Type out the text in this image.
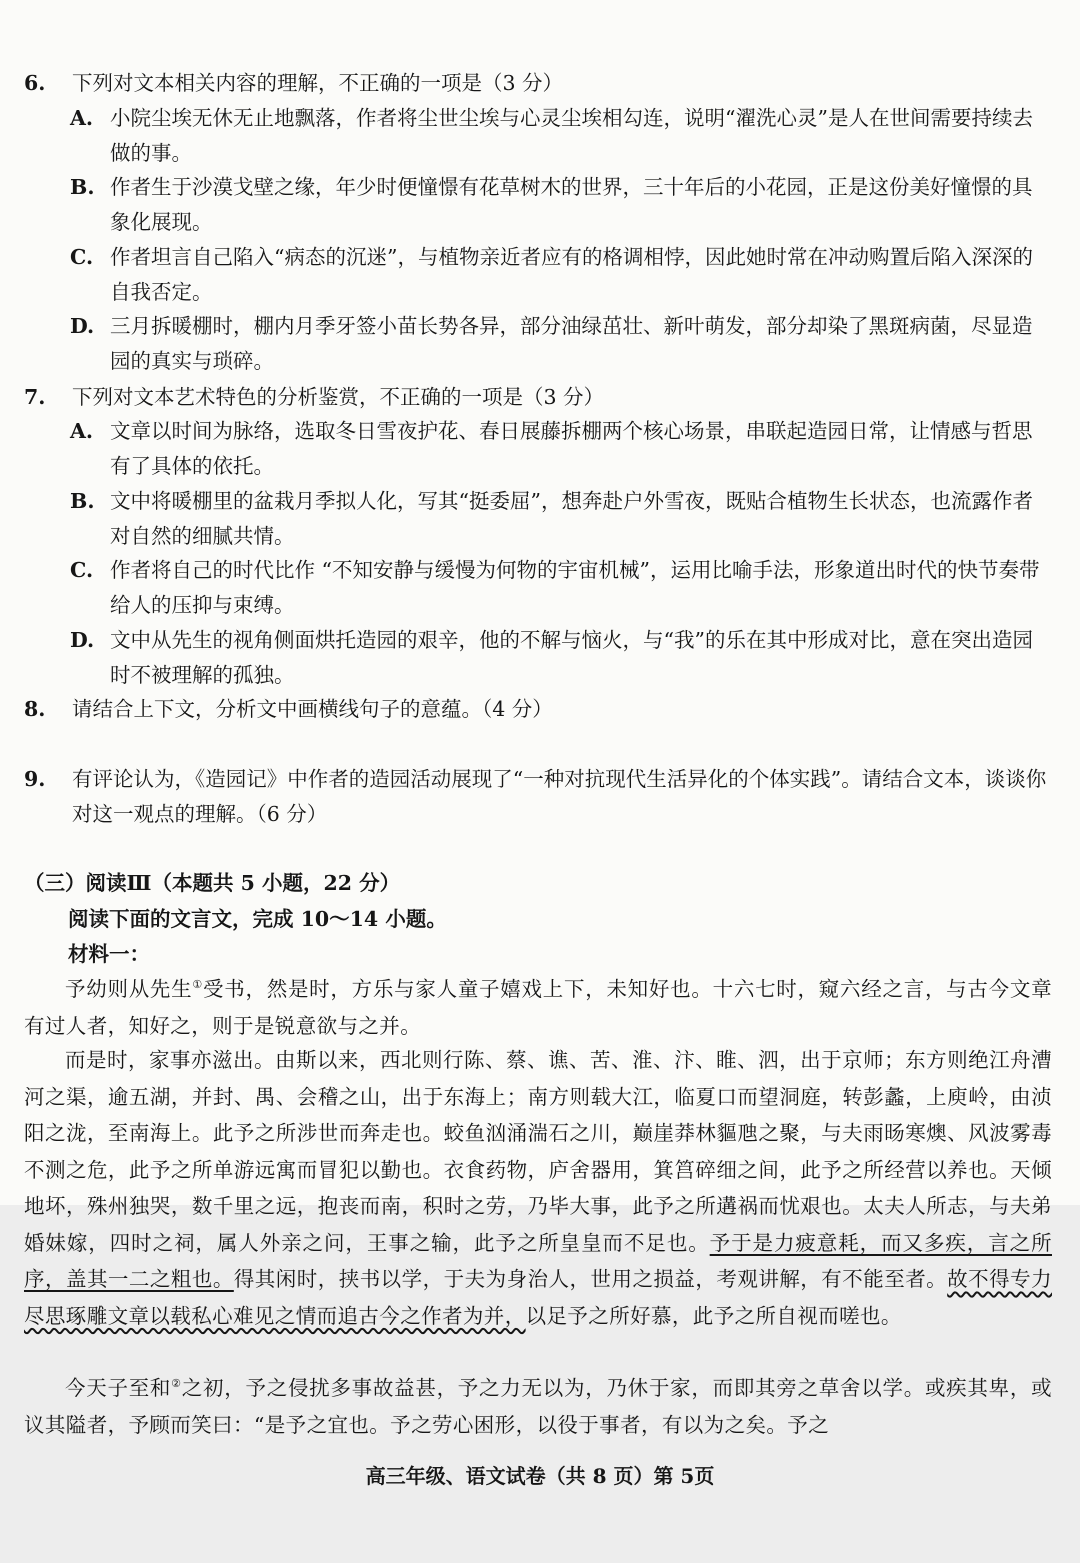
6.	下列对文本相关内容的理解，不正确的一项是（3 分）
A. 小院尘埃无休无止地飘落，作者将尘世尘埃与心灵尘埃相勾连，说明“濯洗心灵”是人在世间需要持续去做的事。
B. 作者生于沙漠戈壁之缘，年少时便憧憬有花草树木的世界，三十年后的小花园，正是这份美好憧憬的具象化展现。
C. 作者坦言自己陷入“病态的沉迷”，与植物亲近者应有的格调相悖，因此她时常在冲动购置后陷入深深的自我否定。
D. 三月拆暖棚时，棚内月季牙签小苗长势各异，部分油绿茁壮、新叶萌发，部分却染了黑斑病菌，尽显造园的真实与琐碎。
7.	下列对文本艺术特色的分析鉴赏，不正确的一项是（3 分）
A. 文章以时间为脉络，选取冬日雪夜护花、春日展藤拆棚两个核心场景，串联起造园日常，让情感与哲思有了具体的依托。
B. 文中将暖棚里的盆栽月季拟人化，写其“挺委屈”，想奔赴户外雪夜，既贴合植物生长状态，也流露作者对自然的细腻共情。
C. 作者将自己的时代比作 “不知安静与缓慢为何物的宇宙机械”，运用比喻手法，形象道出时代的快节奏带给人的压抑与束缚。
D. 文中从先生的视角侧面烘托造园的艰辛，他的不解与恼火，与“我”的乐在其中形成对比，意在突出造园时不被理解的孤独。
8.	请结合上下文，分析文中画横线句子的意蕴。（4 分）
9.	有评论认为，《造园记》中作者的造园活动展现了“一种对抗现代生活异化的个体实践”。请结合文本，谈谈你对这一观点的理解。（6 分）
（三）阅读Ⅲ（本题共 5 小题，22 分）
阅读下面的文言文，完成 10～14 小题。
材料一：
予幼则从先生①受书，然是时，方乐与家人童子嬉戏上下，未知好也。十六七时，窥六经之言，与古今文章有过人者，知好之，则于是锐意欲与之并。
而是时，家事亦滋出。由斯以来，西北则行陈、蔡、谯、苦、淮、汴、睢、泗，出于京师；东方则绝江舟漕河之渠，逾五湖，并封、禺、会稽之山，出于东海上；南方则载大江，临夏口而望洞庭，转彭蠡，上庾岭，由浈阳之泷，至南海上。此予之所涉世而奔走也。蛟鱼汹涌湍石之川，巅崖莽林貙虺之聚，与夫雨旸寒燠、风波雾毒不测之危，此予之所单游远寓而冒犯以勤也。衣食药物，庐舍器用，箕筥碎细之间，此予之所经营以养也。天倾地坏，殊州独哭，数千里之远，抱丧而南，积时之劳，乃毕大事，此予之所遘祸而忧艰也。太夫人所志，与夫弟婚妹嫁，四时之祠，属人外亲之问，王事之输，此予之所皇皇而不足也。予于是力疲意耗，而又多疾，言之所序，盖其一二之粗也。得其闲时，挟书以学，于夫为身治人，世用之损益，考观讲解，有不能至者。故不得专力尽思琢雕文章以载私心难见之情而追古今之作者为并，以足予之所好慕，此予之所自视而嗟也。
今天子至和②之初，予之侵扰多事故益甚，予之力无以为，乃休于家，而即其旁之草舍以学。或疾其卑，或议其隘者，予顾而笑曰：“是予之宜也。予之劳心困形，以役于事者，有以为之矣。予之
高三年级、语文试卷（共 8 页）第 5页
